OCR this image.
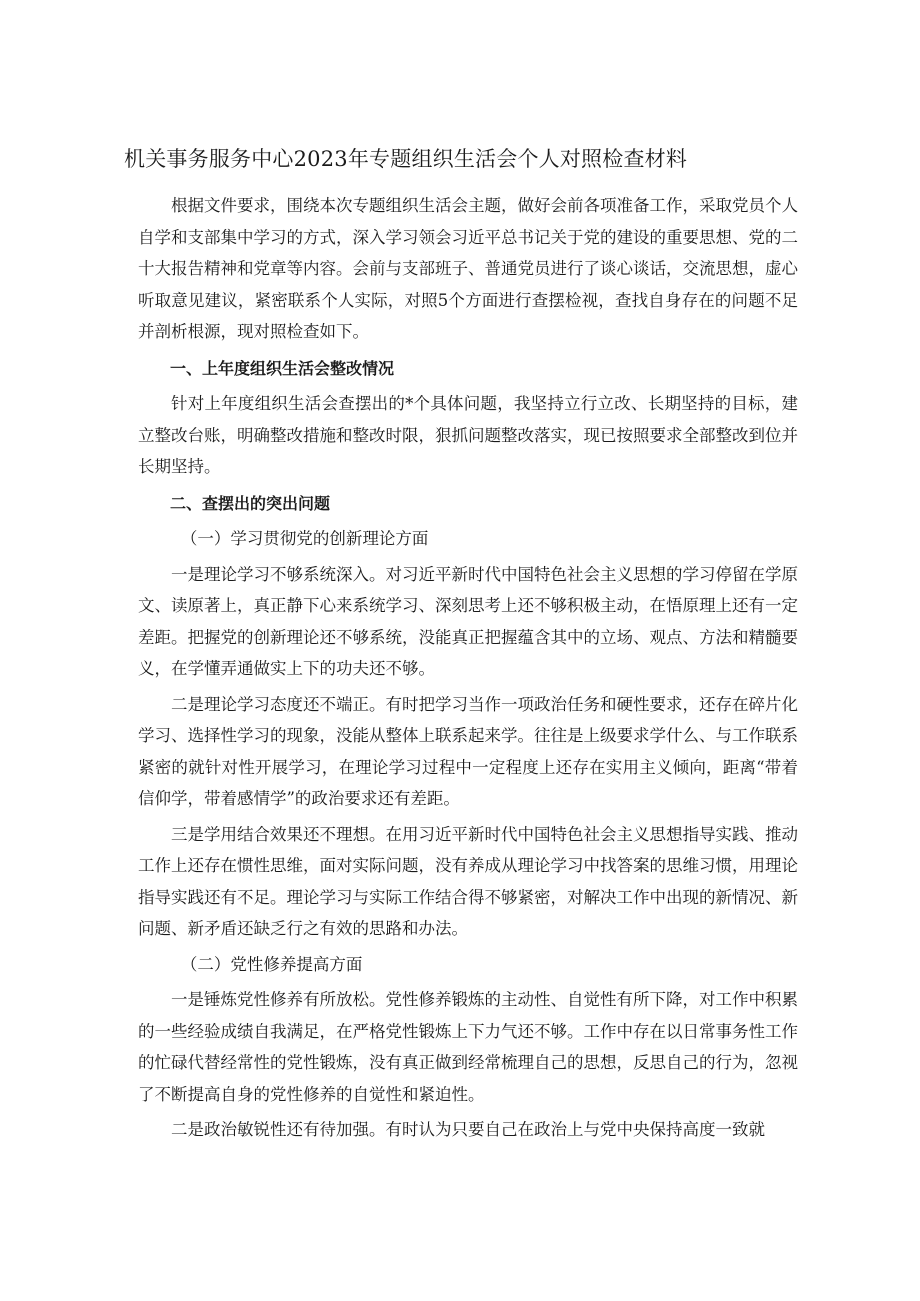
机关事务服务中心2023年专题组织生活会个人对照检查材料

根据文件要求，围绕本次专题组织生活会主题，做好会前各项准备工作，采取党员个人自学和支部集中学习的方式，深入学习领会习近平总书记关于党的建设的重要思想、党的二十大报告精神和党章等内容。会前与支部班子、普通党员进行了谈心谈话，交流思想，虚心听取意见建议，紧密联系个人实际，对照5个方面进行查摆检视，查找自身存在的问题不足并剖析根源，现对照检查如下。

一、上年度组织生活会整改情况

针对上年度组织生活会查摆出的*个具体问题，我坚持立行立改、长期坚持的目标，建立整改台账，明确整改措施和整改时限，狠抓问题整改落实，现已按照要求全部整改到位并长期坚持。

二、查摆出的突出问题

（一）学习贯彻党的创新理论方面

一是理论学习不够系统深入。对习近平新时代中国特色社会主义思想的学习停留在学原文、读原著上，真正静下心来系统学习、深刻思考上还不够积极主动，在悟原理上还有一定差距。把握党的创新理论还不够系统，没能真正把握蕴含其中的立场、观点、方法和精髓要义，在学懂弄通做实上下的功夫还不够。

二是理论学习态度还不端正。有时把学习当作一项政治任务和硬性要求，还存在碎片化学习、选择性学习的现象，没能从整体上联系起来学。往往是上级要求学什么、与工作联系紧密的就针对性开展学习，在理论学习过程中一定程度上还存在实用主义倾向，距离“带着信仰学，带着感情学”的政治要求还有差距。

三是学用结合效果还不理想。在用习近平新时代中国特色社会主义思想指导实践、推动工作上还存在惯性思维，面对实际问题，没有养成从理论学习中找答案的思维习惯，用理论指导实践还有不足。理论学习与实际工作结合得不够紧密，对解决工作中出现的新情况、新问题、新矛盾还缺乏行之有效的思路和办法。

（二）党性修养提高方面

一是锤炼党性修养有所放松。党性修养锻炼的主动性、自觉性有所下降，对工作中积累的一些经验成绩自我满足，在严格党性锻炼上下力气还不够。工作中存在以日常事务性工作的忙碌代替经常性的党性锻炼，没有真正做到经常梳理自己的思想，反思自己的行为，忽视了不断提高自身的党性修养的自觉性和紧迫性。

二是政治敏锐性还有待加强。有时认为只要自己在政治上与党中央保持高度一致就
